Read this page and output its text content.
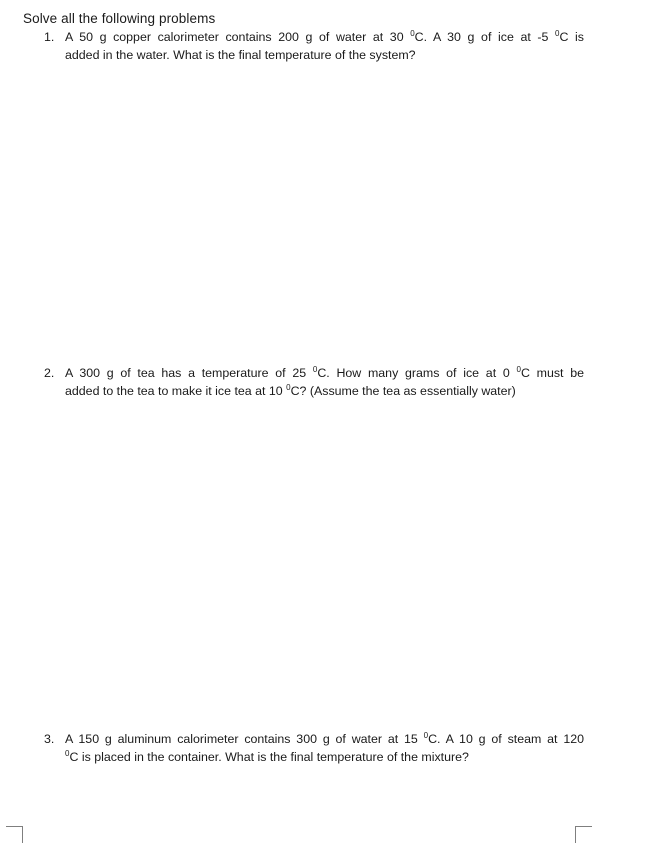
Solve all the following problems
1. A 50 g copper calorimeter contains 200 g of water at 30 $^0$C. A 30 g of ice at -5 $^0$C is
added in the water. What is the final temperature of the system?
2. A 300 g of tea has a temperature of 25 $^0$C. How many grams of ice at 0 $^0$C must be
added to the tea to make it ice tea at 10 $^0$C? (Assume the tea as essentially water)
3. A 150 g aluminum calorimeter contains 300 g of water at 15 $^0$C. A 10 g of steam at 120
$^0$C is placed in the container. What is the final temperature of the mixture?
